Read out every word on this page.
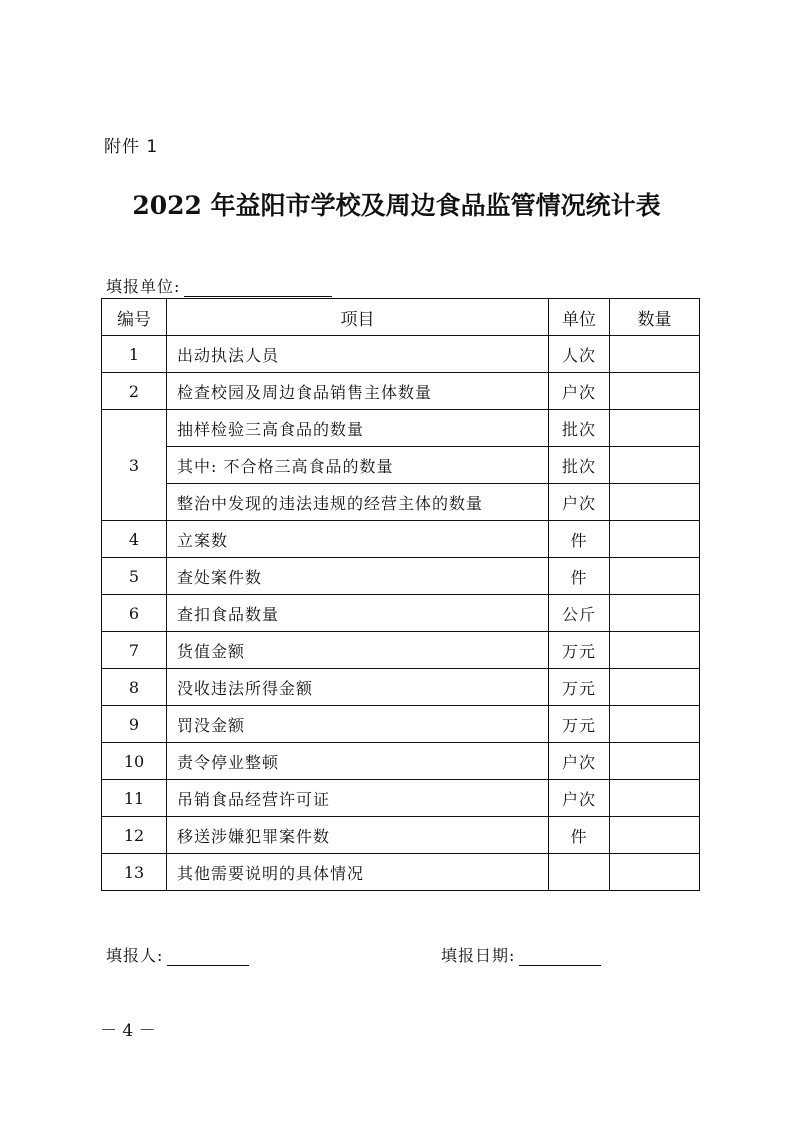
附件 1
2022 年益阳市学校及周边食品监管情况统计表
填报单位:
编号	项目	单位	数量
1	出动执法人员	人次	
2	检查校园及周边食品销售主体数量	户次	
3	抽样检验三高食品的数量	批次	
	其中: 不合格三高食品的数量	批次	
	整治中发现的违法违规的经营主体的数量	户次	
4	立案数	件	
5	查处案件数	件	
6	查扣食品数量	公斤	
7	货值金额	万元	
8	没收违法所得金额	万元	
9	罚没金额	万元	
10	责令停业整顿	户次	
11	吊销食品经营许可证	户次	
12	移送涉嫌犯罪案件数	件	
13	其他需要说明的具体情况		
填报人:	填报日期:
－ 4 －
